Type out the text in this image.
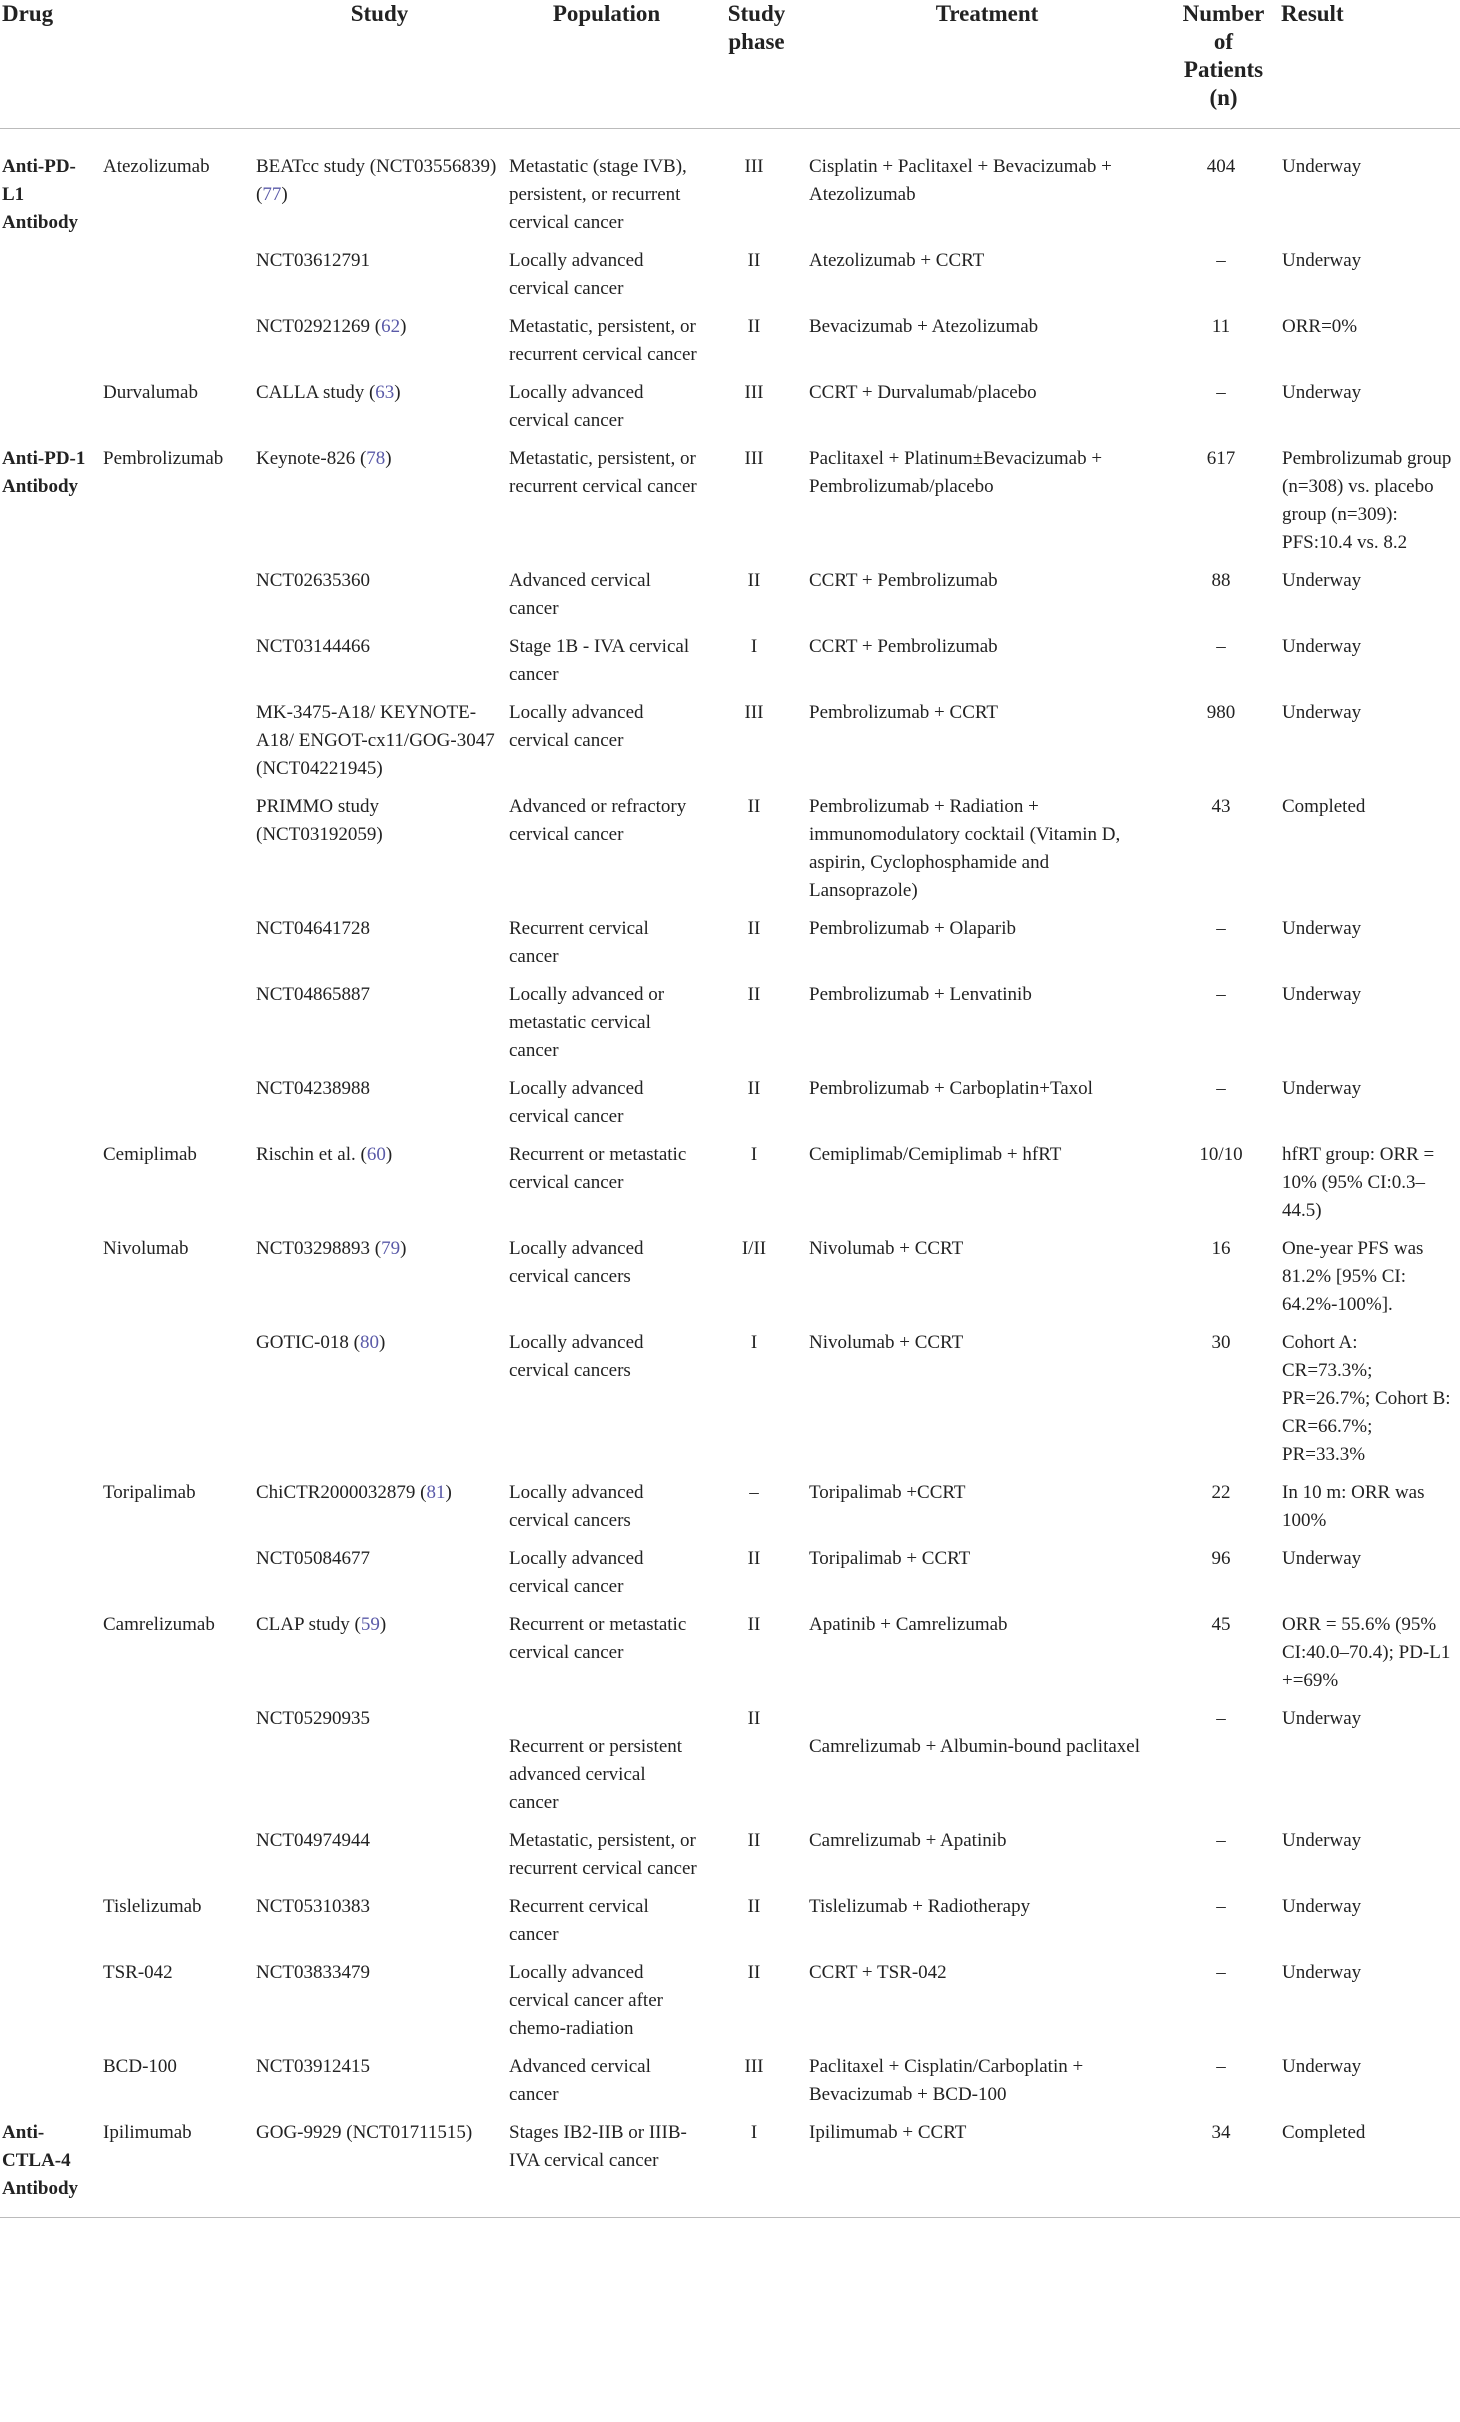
Drug		Study	Population	Study phase	Treatment	Number of Patients (n)	Result
Anti-PD-L1 Antibody	Atezolizumab	BEATcc study (NCT03556839) (77)	Metastatic (stage IVB), persistent, or recurrent cervical cancer	III	Cisplatin + Paclitaxel + Bevacizumab + Atezolizumab	404	Underway
		NCT03612791	Locally advanced cervical cancer	II	Atezolizumab + CCRT	–	Underway
		NCT02921269 (62)	Metastatic, persistent, or recurrent cervical cancer	II	Bevacizumab + Atezolizumab	11	ORR=0%
	Durvalumab	CALLA study (63)	Locally advanced cervical cancer	III	CCRT + Durvalumab/placebo	–	Underway
Anti-PD-1 Antibody	Pembrolizumab	Keynote-826 (78)	Metastatic, persistent, or recurrent cervical cancer	III	Paclitaxel + Platinum±Bevacizumab + Pembrolizumab/placebo	617	Pembrolizumab group (n=308) vs. placebo group (n=309): PFS:10.4 vs. 8.2
		NCT02635360	Advanced cervical cancer	II	CCRT + Pembrolizumab	88	Underway
		NCT03144466	Stage 1B - IVA cervical cancer	I	CCRT + Pembrolizumab	–	Underway
		MK-3475-A18/ KEYNOTE-A18/ ENGOT-cx11/GOG-3047 (NCT04221945)	Locally advanced cervical cancer	III	Pembrolizumab + CCRT	980	Underway
		PRIMMO study (NCT03192059)	Advanced or refractory cervical cancer	II	Pembrolizumab + Radiation + immunomodulatory cocktail (Vitamin D, aspirin, Cyclophosphamide and Lansoprazole)	43	Completed
		NCT04641728	Recurrent cervical cancer	II	Pembrolizumab + Olaparib	–	Underway
		NCT04865887	Locally advanced or metastatic cervical cancer	II	Pembrolizumab + Lenvatinib	–	Underway
		NCT04238988	Locally advanced cervical cancer	II	Pembrolizumab + Carboplatin+Taxol	–	Underway
	Cemiplimab	Rischin et al. (60)	Recurrent or metastatic cervical cancer	I	Cemiplimab/Cemiplimab + hfRT	10/10	hfRT group: ORR = 10% (95% CI:0.3–44.5)
	Nivolumab	NCT03298893 (79)	Locally advanced cervical cancers	I/II	Nivolumab + CCRT	16	One-year PFS was 81.2% [95% CI: 64.2%-100%].
		GOTIC-018 (80)	Locally advanced cervical cancers	I	Nivolumab + CCRT	30	Cohort A: CR=73.3%; PR=26.7%; Cohort B: CR=66.7%; PR=33.3%
	Toripalimab	ChiCTR2000032879 (81)	Locally advanced cervical cancers	–	Toripalimab +CCRT	22	In 10 m: ORR was 100%
		NCT05084677	Locally advanced cervical cancer	II	Toripalimab + CCRT	96	Underway
	Camrelizumab	CLAP study (59)	Recurrent or metastatic cervical cancer	II	Apatinib + Camrelizumab	45	ORR = 55.6% (95% CI:40.0–70.4); PD-L1 +=69%
		NCT05290935	Recurrent or persistent advanced cervical cancer	II	Camrelizumab + Albumin-bound paclitaxel	–	Underway
		NCT04974944	Metastatic, persistent, or recurrent cervical cancer	II	Camrelizumab + Apatinib	–	Underway
	Tislelizumab	NCT05310383	Recurrent cervical cancer	II	Tislelizumab + Radiotherapy	–	Underway
	TSR-042	NCT03833479	Locally advanced cervical cancer after chemo-radiation	II	CCRT + TSR-042	–	Underway
	BCD-100	NCT03912415	Advanced cervical cancer	III	Paclitaxel + Cisplatin/Carboplatin + Bevacizumab + BCD-100	–	Underway
Anti-CTLA-4 Antibody	Ipilimumab	GOG-9929 (NCT01711515)	Stages IB2-IIB or IIIB-IVA cervical cancer	I	Ipilimumab + CCRT	34	Completed
